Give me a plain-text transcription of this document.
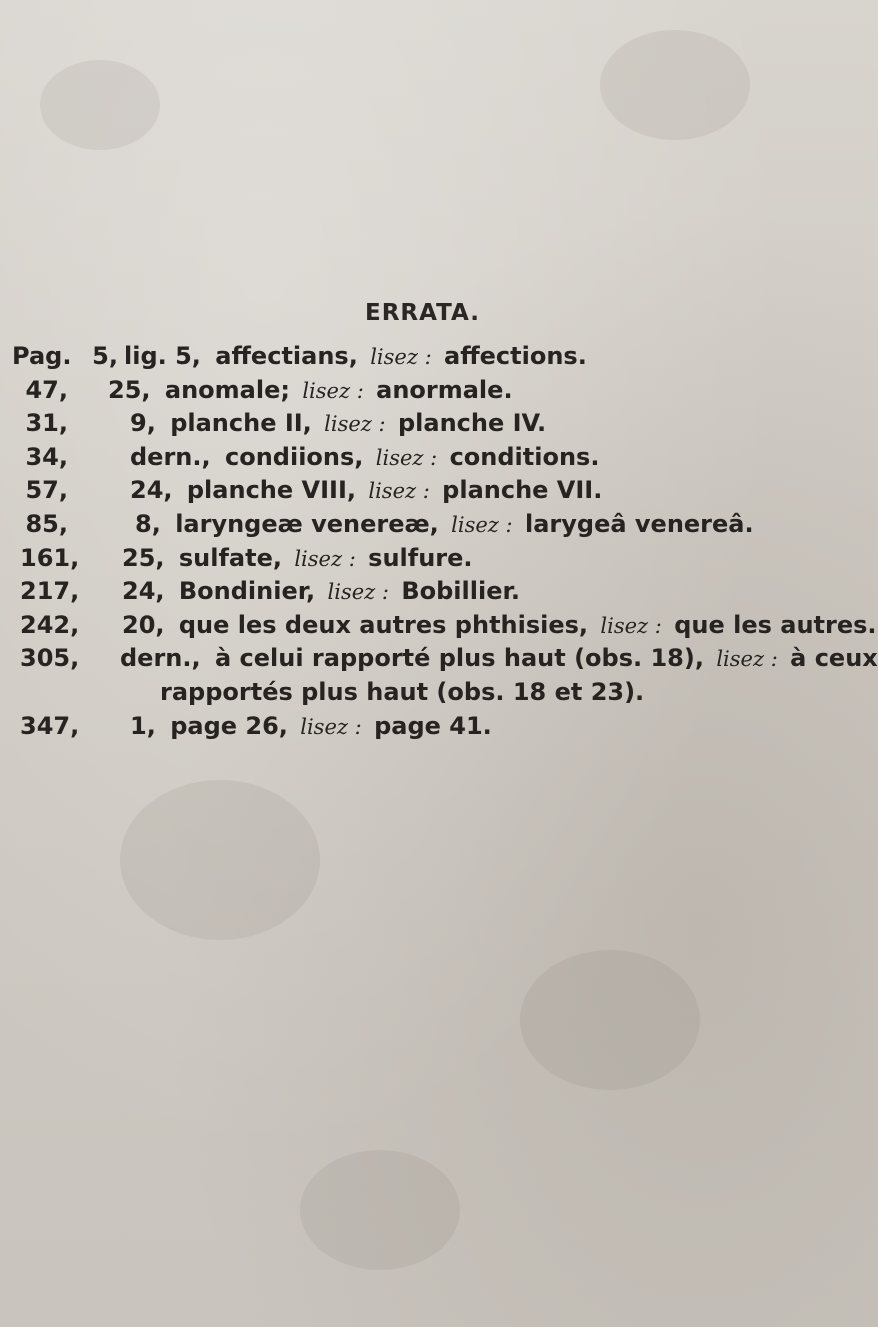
ERRATA.
Pag. 5, lig. 5, affectians, lisez : affections.
47, 25, anomale; lisez : anormale.
31,	9, planche II, lisez : planche IV.
34,	dern., condiions, lisez : conditions.
57,	24, planche VIII, lisez : planche VII.
85,	8, laryngeæ venereæ, lisez : larygeâ venereâ.
161, 25, sulfate, lisez : sulfure.
217, 24, Bondinier, lisez : Bobillier.
242, 20, que les deux autres phthisies, lisez : que les autres.
305, dern., à celui rapporté plus haut (obs. 18), lisez : à ceux
rapportés plus haut (obs. 18 et 23).
347, 1, page 26, lisez : page 41.
